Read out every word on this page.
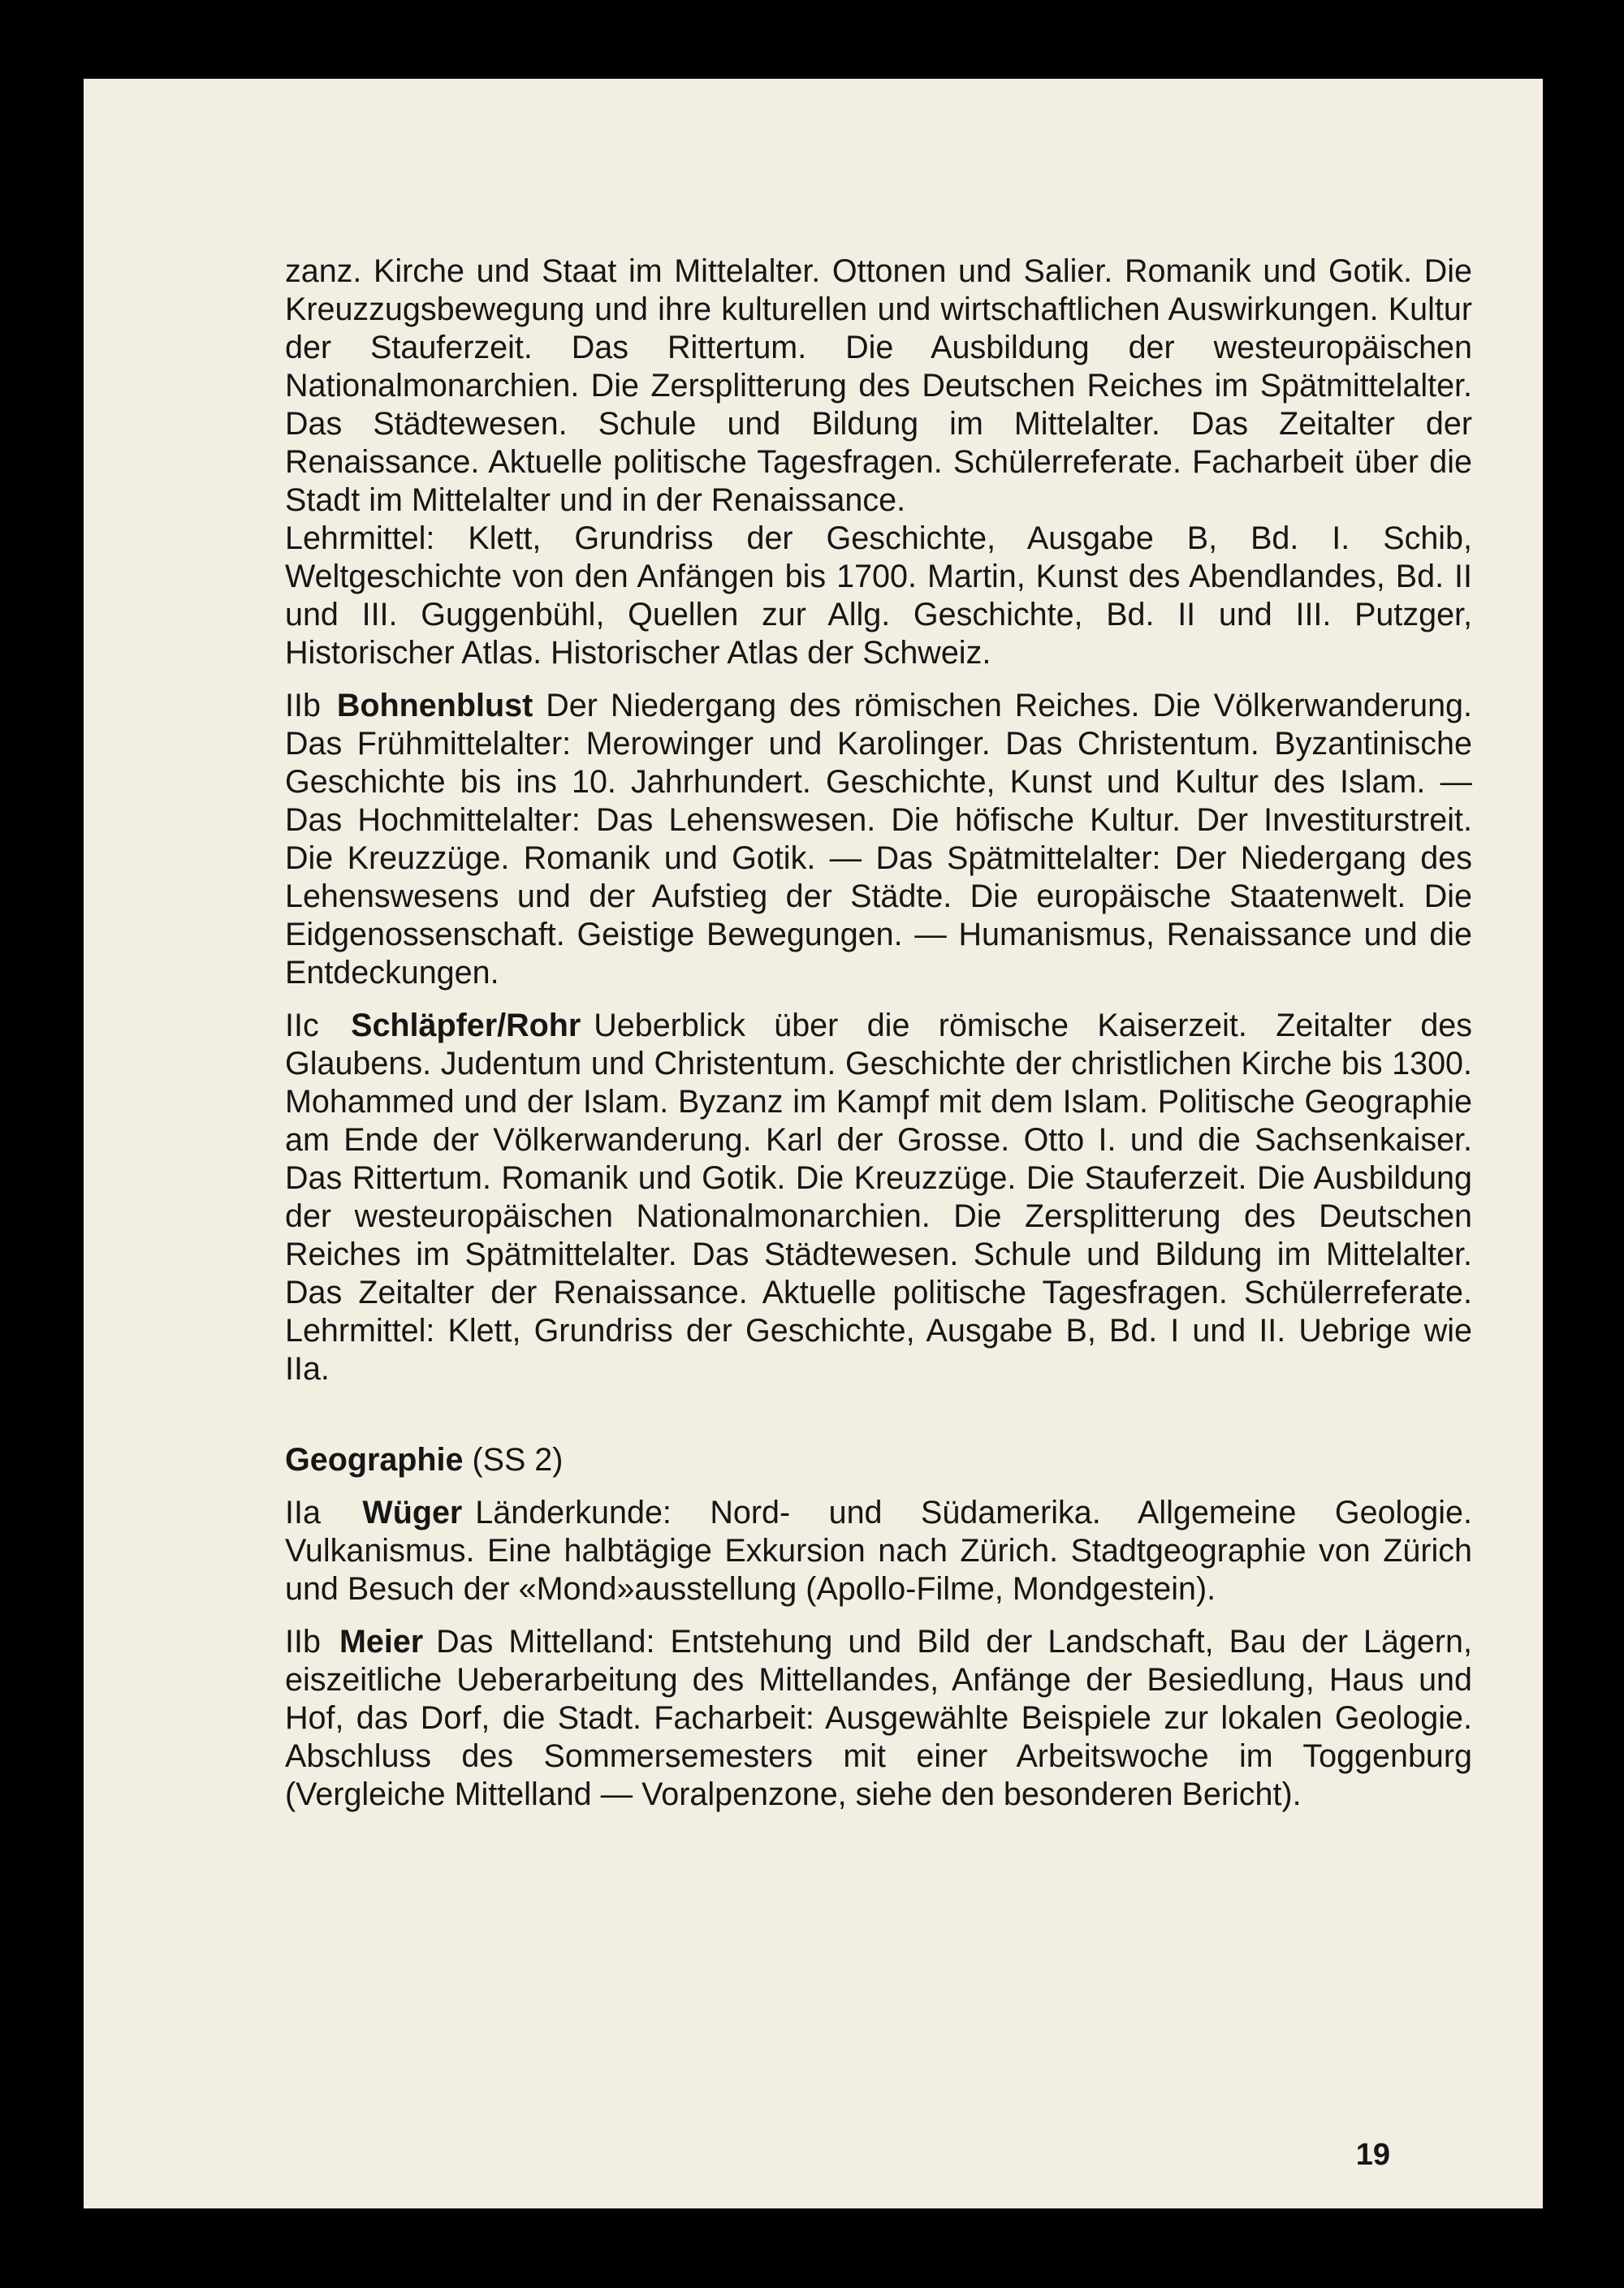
zanz. Kirche und Staat im Mittelalter. Ottonen und Salier. Romanik und Gotik. Die Kreuzzugsbewegung und ihre kulturellen und wirtschaftlichen Auswirkungen. Kultur der Stauferzeit. Das Rittertum. Die Ausbildung der westeuropäischen Nationalmonarchien. Die Zersplitterung des Deutschen Reiches im Spätmittelalter. Das Städtewesen. Schule und Bildung im Mittelalter. Das Zeitalter der Renaissance. Aktuelle politische Tagesfragen. Schülerreferate. Facharbeit über die Stadt im Mittelalter und in der Renaissance.

Lehrmittel: Klett, Grundriss der Geschichte, Ausgabe B, Bd. I. Schib, Weltgeschichte von den Anfängen bis 1700. Martin, Kunst des Abendlandes, Bd. II und III. Guggenbühl, Quellen zur Allg. Geschichte, Bd. II und III. Putzger, Historischer Atlas. Historischer Atlas der Schweiz.

IIb Bohnenblust Der Niedergang des römischen Reiches. Die Völkerwanderung. Das Frühmittelalter: Merowinger und Karolinger. Das Christentum. Byzantinische Geschichte bis ins 10. Jahrhundert. Geschichte, Kunst und Kultur des Islam. — Das Hochmittelalter: Das Lehenswesen. Die höfische Kultur. Der Investiturstreit. Die Kreuzzüge. Romanik und Gotik. — Das Spätmittelalter: Der Niedergang des Lehenswesens und der Aufstieg der Städte. Die europäische Staatenwelt. Die Eidgenossenschaft. Geistige Bewegungen. — Humanismus, Renaissance und die Entdeckungen.

IIc Schläpfer/Rohr Ueberblick über die römische Kaiserzeit. Zeitalter des Glaubens. Judentum und Christentum. Geschichte der christlichen Kirche bis 1300. Mohammed und der Islam. Byzanz im Kampf mit dem Islam. Politische Geographie am Ende der Völkerwanderung. Karl der Grosse. Otto I. und die Sachsenkaiser. Das Rittertum. Romanik und Gotik. Die Kreuzzüge. Die Stauferzeit. Die Ausbildung der westeuropäischen Nationalmonarchien. Die Zersplitterung des Deutschen Reiches im Spätmittelalter. Das Städtewesen. Schule und Bildung im Mittelalter. Das Zeitalter der Renaissance. Aktuelle politische Tagesfragen. Schülerreferate. Lehrmittel: Klett, Grundriss der Geschichte, Ausgabe B, Bd. I und II. Uebrige wie IIa.

Geographie (SS 2)

IIa Wüger Länderkunde: Nord- und Südamerika. Allgemeine Geologie. Vulkanismus. Eine halbtägige Exkursion nach Zürich. Stadtgeographie von Zürich und Besuch der «Mond»ausstellung (Apollo-Filme, Mondgestein).

IIb Meier Das Mittelland: Entstehung und Bild der Landschaft, Bau der Lägern, eiszeitliche Ueberarbeitung des Mittellandes, Anfänge der Besiedlung, Haus und Hof, das Dorf, die Stadt. Facharbeit: Ausgewählte Beispiele zur lokalen Geologie. Abschluss des Sommersemesters mit einer Arbeitswoche im Toggenburg (Vergleiche Mittelland — Voralpenzone, siehe den besonderen Bericht).

19
